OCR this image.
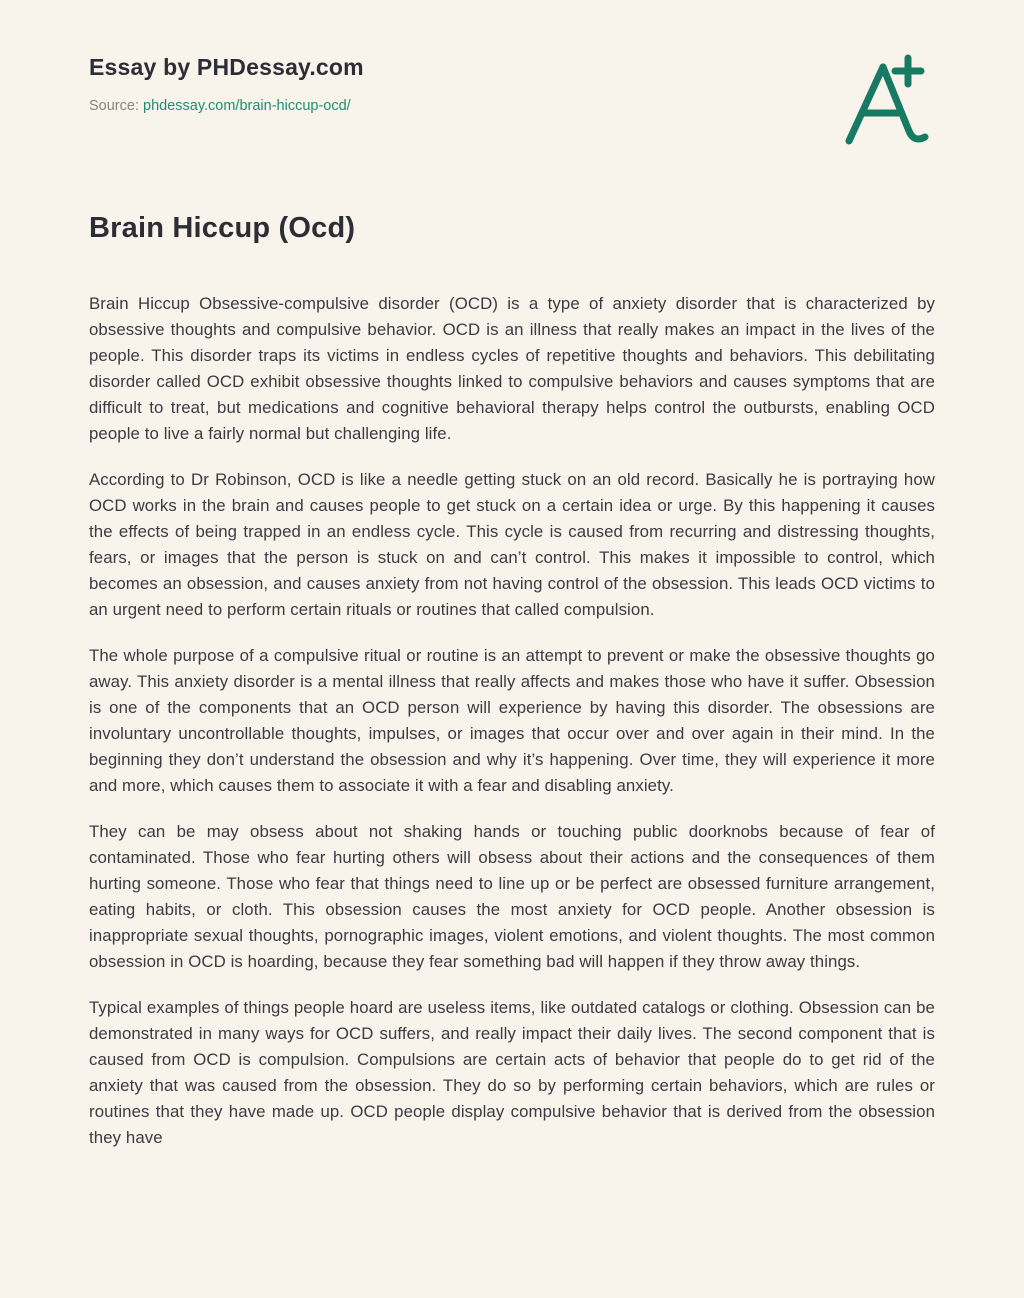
Essay by PHDessay.com
Source: phdessay.com/brain-hiccup-ocd/
Brain Hiccup (Ocd)

Brain Hiccup Obsessive-compulsive disorder (OCD) is a type of anxiety disorder that is characterized by obsessive thoughts and compulsive behavior. OCD is an illness that really makes an impact in the lives of the people. This disorder traps its victims in endless cycles of repetitive thoughts and behaviors. This debilitating disorder called OCD exhibit obsessive thoughts linked to compulsive behaviors and causes symptoms that are difficult to treat, but medications and cognitive behavioral therapy helps control the outbursts, enabling OCD people to live a fairly normal but challenging life.

According to Dr Robinson, OCD is like a needle getting stuck on an old record. Basically he is portraying how OCD works in the brain and causes people to get stuck on a certain idea or urge. By this happening it causes the effects of being trapped in an endless cycle. This cycle is caused from recurring and distressing thoughts, fears, or images that the person is stuck on and can’t control. This makes it impossible to control, which becomes an obsession, and causes anxiety from not having control of the obsession. This leads OCD victims to an urgent need to perform certain rituals or routines that called compulsion.

The whole purpose of a compulsive ritual or routine is an attempt to prevent or make the obsessive thoughts go away. This anxiety disorder is a mental illness that really affects and makes those who have it suffer. Obsession is one of the components that an OCD person will experience by having this disorder. The obsessions are involuntary uncontrollable thoughts, impulses, or images that occur over and over again in their mind. In the beginning they don’t understand the obsession and why it’s happening. Over time, they will experience it more and more, which causes them to associate it with a fear and disabling anxiety.

They can be may obsess about not shaking hands or touching public doorknobs because of fear of contaminated. Those who fear hurting others will obsess about their actions and the consequences of them hurting someone. Those who fear that things need to line up or be perfect are obsessed furniture arrangement, eating habits, or cloth. This obsession causes the most anxiety for OCD people. Another obsession is inappropriate sexual thoughts, pornographic images, violent emotions, and violent thoughts. The most common obsession in OCD is hoarding, because they fear something bad will happen if they throw away things.

Typical examples of things people hoard are useless items, like outdated catalogs or clothing. Obsession can be demonstrated in many ways for OCD suffers, and really impact their daily lives. The second component that is caused from OCD is compulsion. Compulsions are certain acts of behavior that people do to get rid of the anxiety that was caused from the obsession. They do so by performing certain behaviors, which are rules or routines that they have made up. OCD people display compulsive behavior that is derived from the obsession they have
